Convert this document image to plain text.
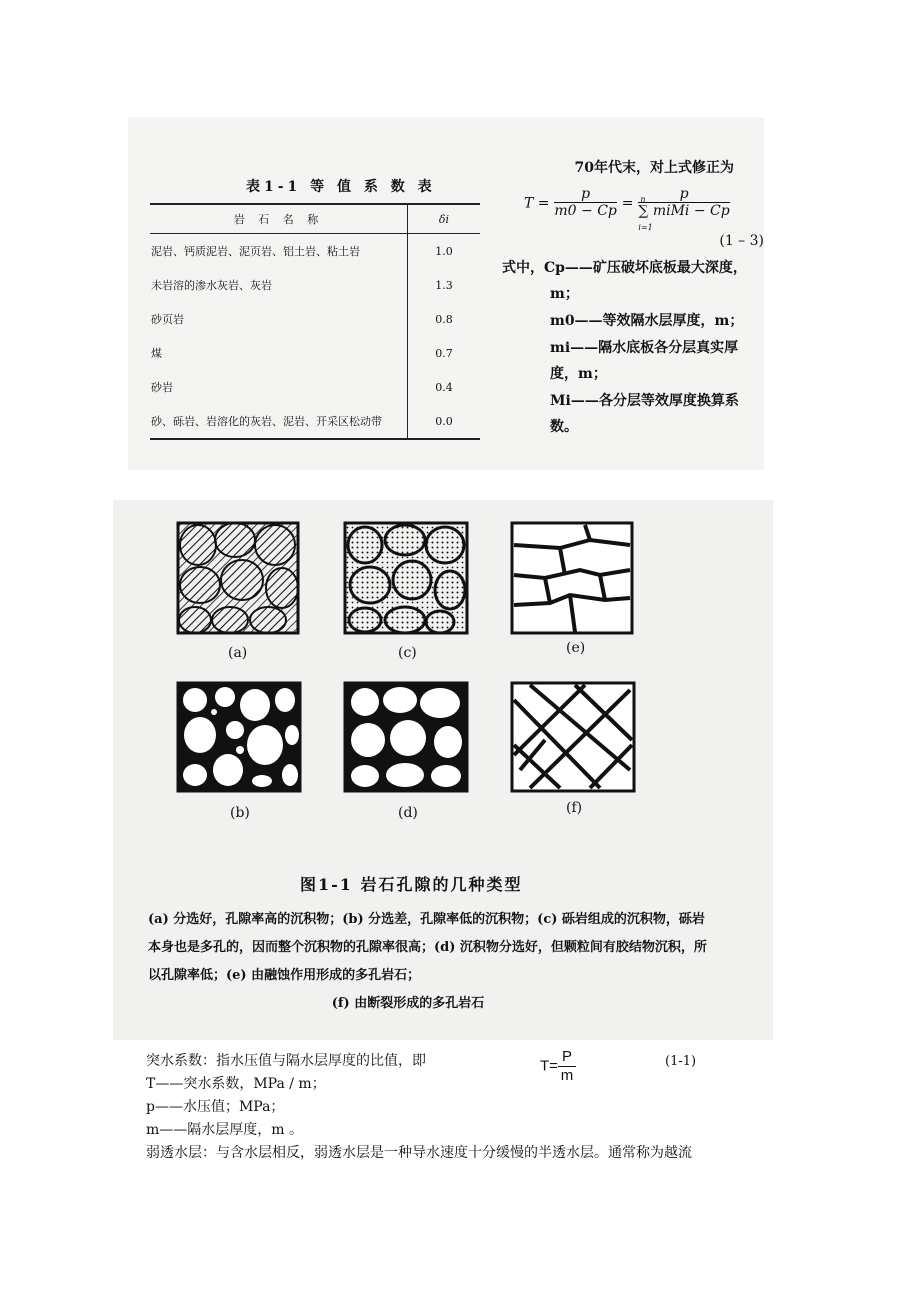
表1-1 等 值 系 数 表
岩 石 名 称	δi
泥岩、钙质泥岩、泥页岩、铝土岩、粘土岩	1.0
未岩溶的渗水灰岩、灰岩	1.3
砂页岩	0.8
煤	0.7
砂岩	0.4
砂、砾岩、岩溶化的灰岩、泥岩、开采区松动带	0.0
70年代末，对上式修正为
$T = \frac{p}{m0 - Cp} = p$
n
∑ miMi − Cp
i=1
(1 – 3)
式中，Cp——矿压破坏底板最大深度，m；
m0——等效隔水层厚度，m；
mi——隔水底板各分层真实厚度，m；
Mi——各分层等效厚度换算系数。
(a)	(c)	(e)
(b)	(d)	(f)
图1-1 岩石孔隙的几种类型
(a) 分选好，孔隙率高的沉积物；(b) 分选差，孔隙率低的沉积物；(c) 砾岩组成的沉积物，砾岩本身也是多孔的，因而整个沉积物的孔隙率很高；(d) 沉积物分选好，但颗粒间有胶结物沉积，所以孔隙率低；(e) 由融蚀作用形成的多孔岩石；
(f) 由断裂形成的多孔岩石
突水系数：指水压值与隔水层厚度的比值，即
T——突水系数，MPa / m；
p——水压值；MPa；
m——隔水层厚度，m 。
弱透水层：与含水层相反，弱透水层是一种导水速度十分缓慢的半透水层。通常称为越流
$T= \frac{P}{m}$	(1-1)
